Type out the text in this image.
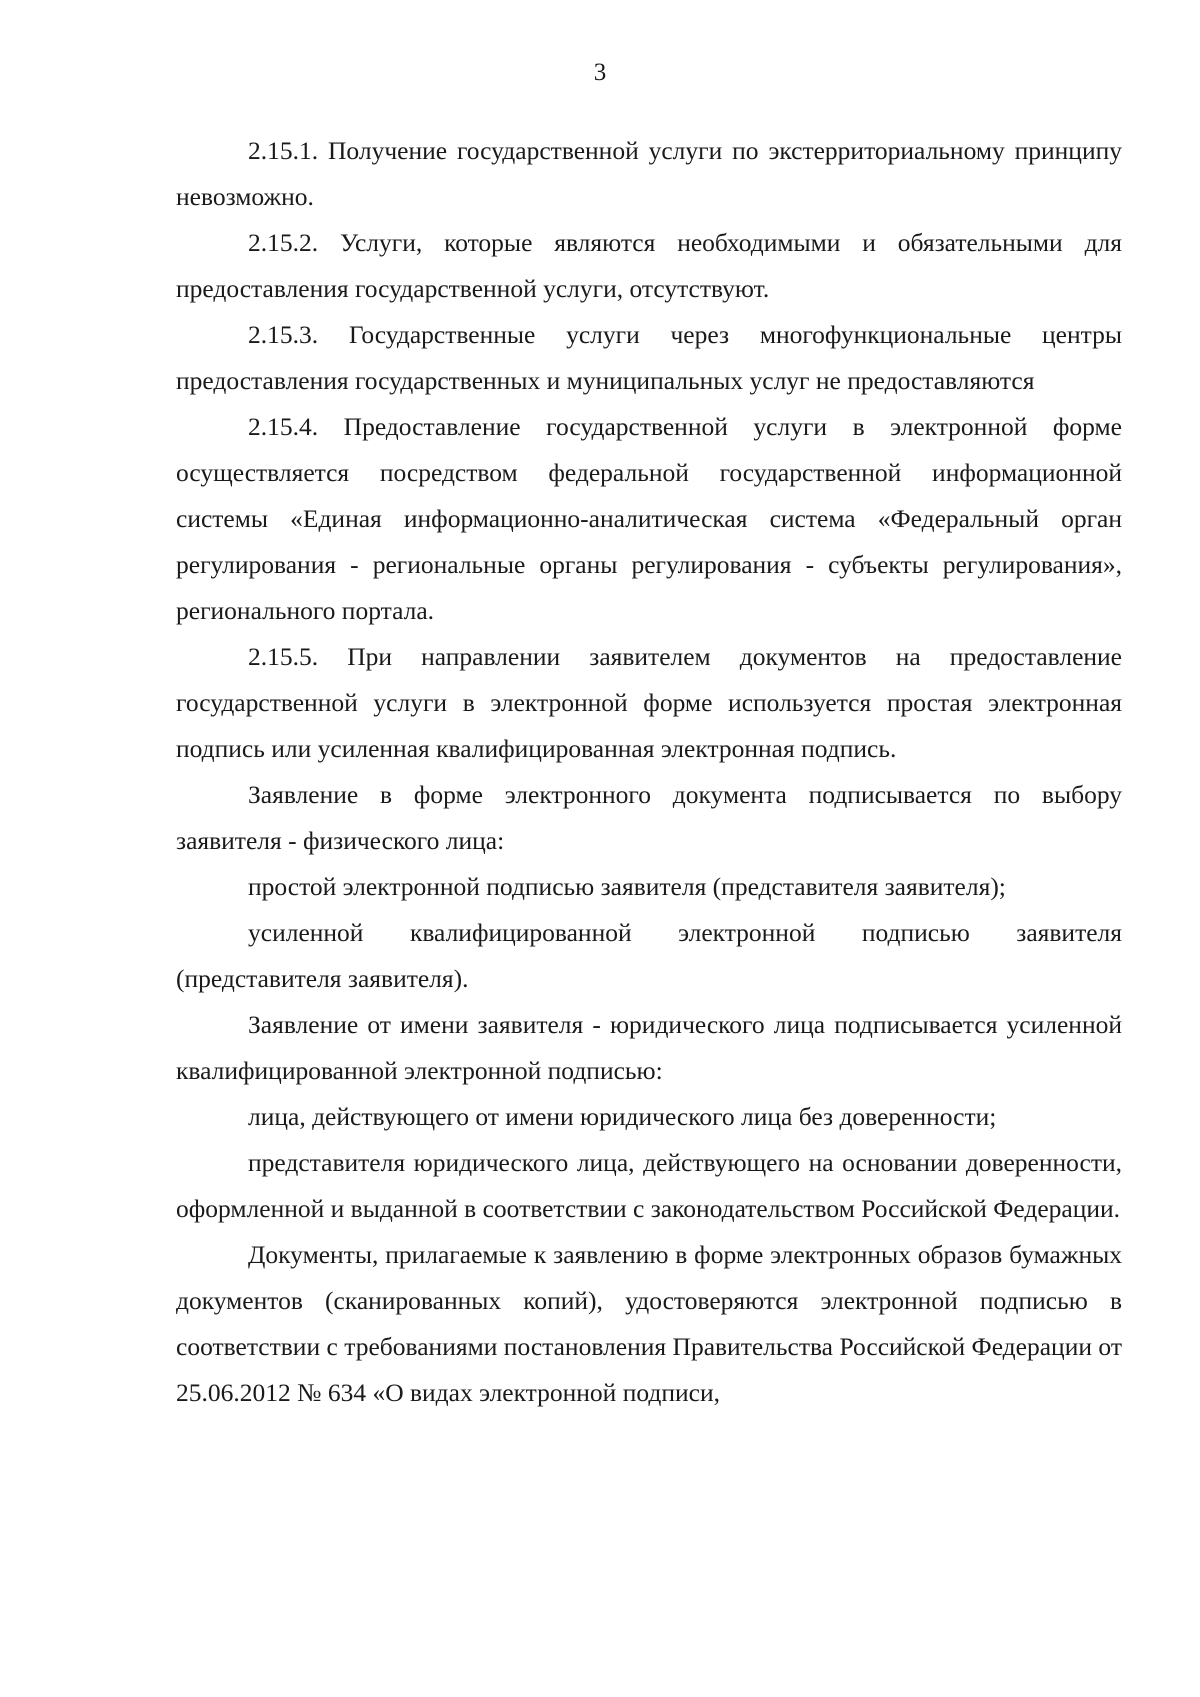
3

2.15.1. Получение государственной услуги по экстерриториальному принципу невозможно.

2.15.2. Услуги, которые являются необходимыми и обязательными для предоставления государственной услуги, отсутствуют.

2.15.3. Государственные услуги через многофункциональные центры предоставления государственных и муниципальных услуг не предоставляются

2.15.4. Предоставление государственной услуги в электронной форме осуществляется посредством федеральной государственной информационной системы «Единая информационно-аналитическая система «Федеральный орган регулирования - региональные органы регулирования - субъекты регулирования», регионального портала.

2.15.5. При направлении заявителем документов на предоставление государственной услуги в электронной форме используется простая электронная подпись или усиленная квалифицированная электронная подпись.

Заявление в форме электронного документа подписывается по выбору заявителя - физического лица:

простой электронной подписью заявителя (представителя заявителя);

усиленной квалифицированной электронной подписью заявителя (представителя заявителя).

Заявление от имени заявителя - юридического лица подписывается усиленной квалифицированной электронной подписью:

лица, действующего от имени юридического лица без доверенности;

представителя юридического лица, действующего на основании доверенности, оформленной и выданной в соответствии с законодательством Российской Федерации.

Документы, прилагаемые к заявлению в форме электронных образов бумажных документов (сканированных копий), удостоверяются электронной подписью в соответствии с требованиями постановления Правительства Российской Федерации от 25.06.2012 № 634 «О видах электронной подписи,
